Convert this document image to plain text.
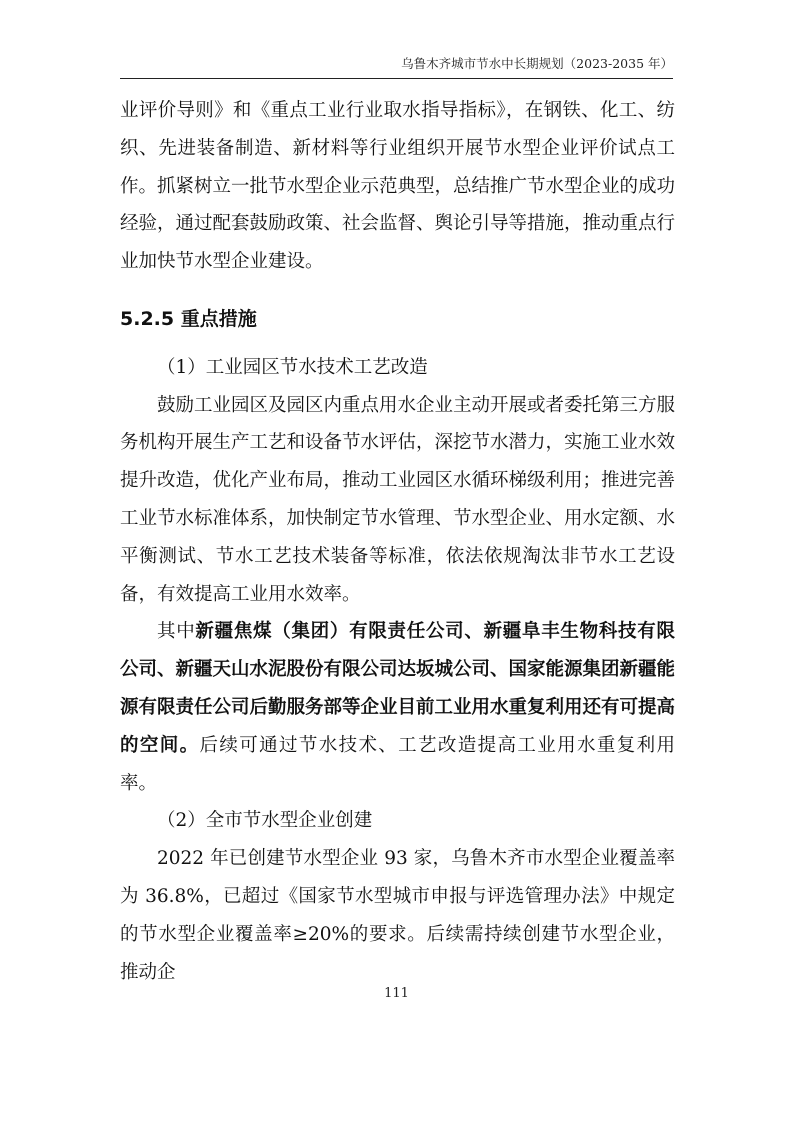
乌鲁木齐城市节水中长期规划（2023-2035 年）

业评价导则》和《重点工业行业取水指导指标》，在钢铁、化工、纺织、先进装备制造、新材料等行业组织开展节水型企业评价试点工作。抓紧树立一批节水型企业示范典型，总结推广节水型企业的成功经验，通过配套鼓励政策、社会监督、舆论引导等措施，推动重点行业加快节水型企业建设。

5.2.5 重点措施

（1）工业园区节水技术工艺改造

鼓励工业园区及园区内重点用水企业主动开展或者委托第三方服务机构开展生产工艺和设备节水评估，深挖节水潜力，实施工业水效提升改造，优化产业布局，推动工业园区水循环梯级利用；推进完善工业节水标准体系，加快制定节水管理、节水型企业、用水定额、水平衡测试、节水工艺技术装备等标准，依法依规淘汰非节水工艺设备，有效提高工业用水效率。

其中新疆焦煤（集团）有限责任公司、新疆阜丰生物科技有限公司、新疆天山水泥股份有限公司达坂城公司、国家能源集团新疆能源有限责任公司后勤服务部等企业目前工业用水重复利用还有可提高的空间。后续可通过节水技术、工艺改造提高工业用水重复利用率。

（2）全市节水型企业创建

2022 年已创建节水型企业 93 家，乌鲁木齐市水型企业覆盖率为 36.8%，已超过《国家节水型城市申报与评选管理办法》中规定的节水型企业覆盖率≥20%的要求。后续需持续创建节水型企业，推动企

111
